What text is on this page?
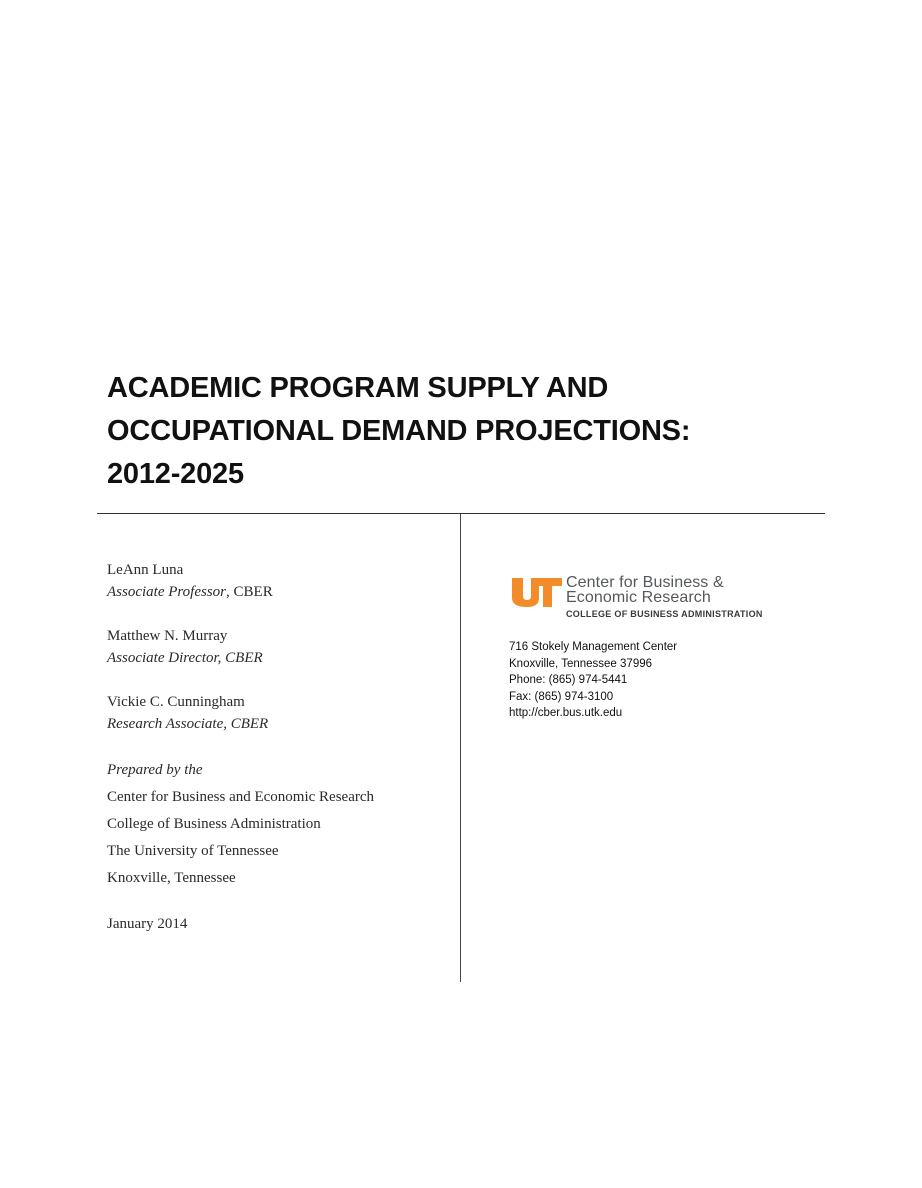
ACADEMIC PROGRAM SUPPLY AND
OCCUPATIONAL DEMAND PROJECTIONS:
2012-2025
LeAnn Luna
Associate Professor, CBER
Matthew N. Murray
Associate Director, CBER
Vickie C. Cunningham
Research Associate, CBER
Prepared by the
Center for Business and Economic Research
College of Business Administration
The University of Tennessee
Knoxville, Tennessee
January 2014
Center for Business &
Economic Research
COLLEGE OF BUSINESS ADMINISTRATION
716 Stokely Management Center
Knoxville, Tennessee 37996
Phone: (865) 974-5441
Fax: (865) 974-3100
http://cber.bus.utk.edu
